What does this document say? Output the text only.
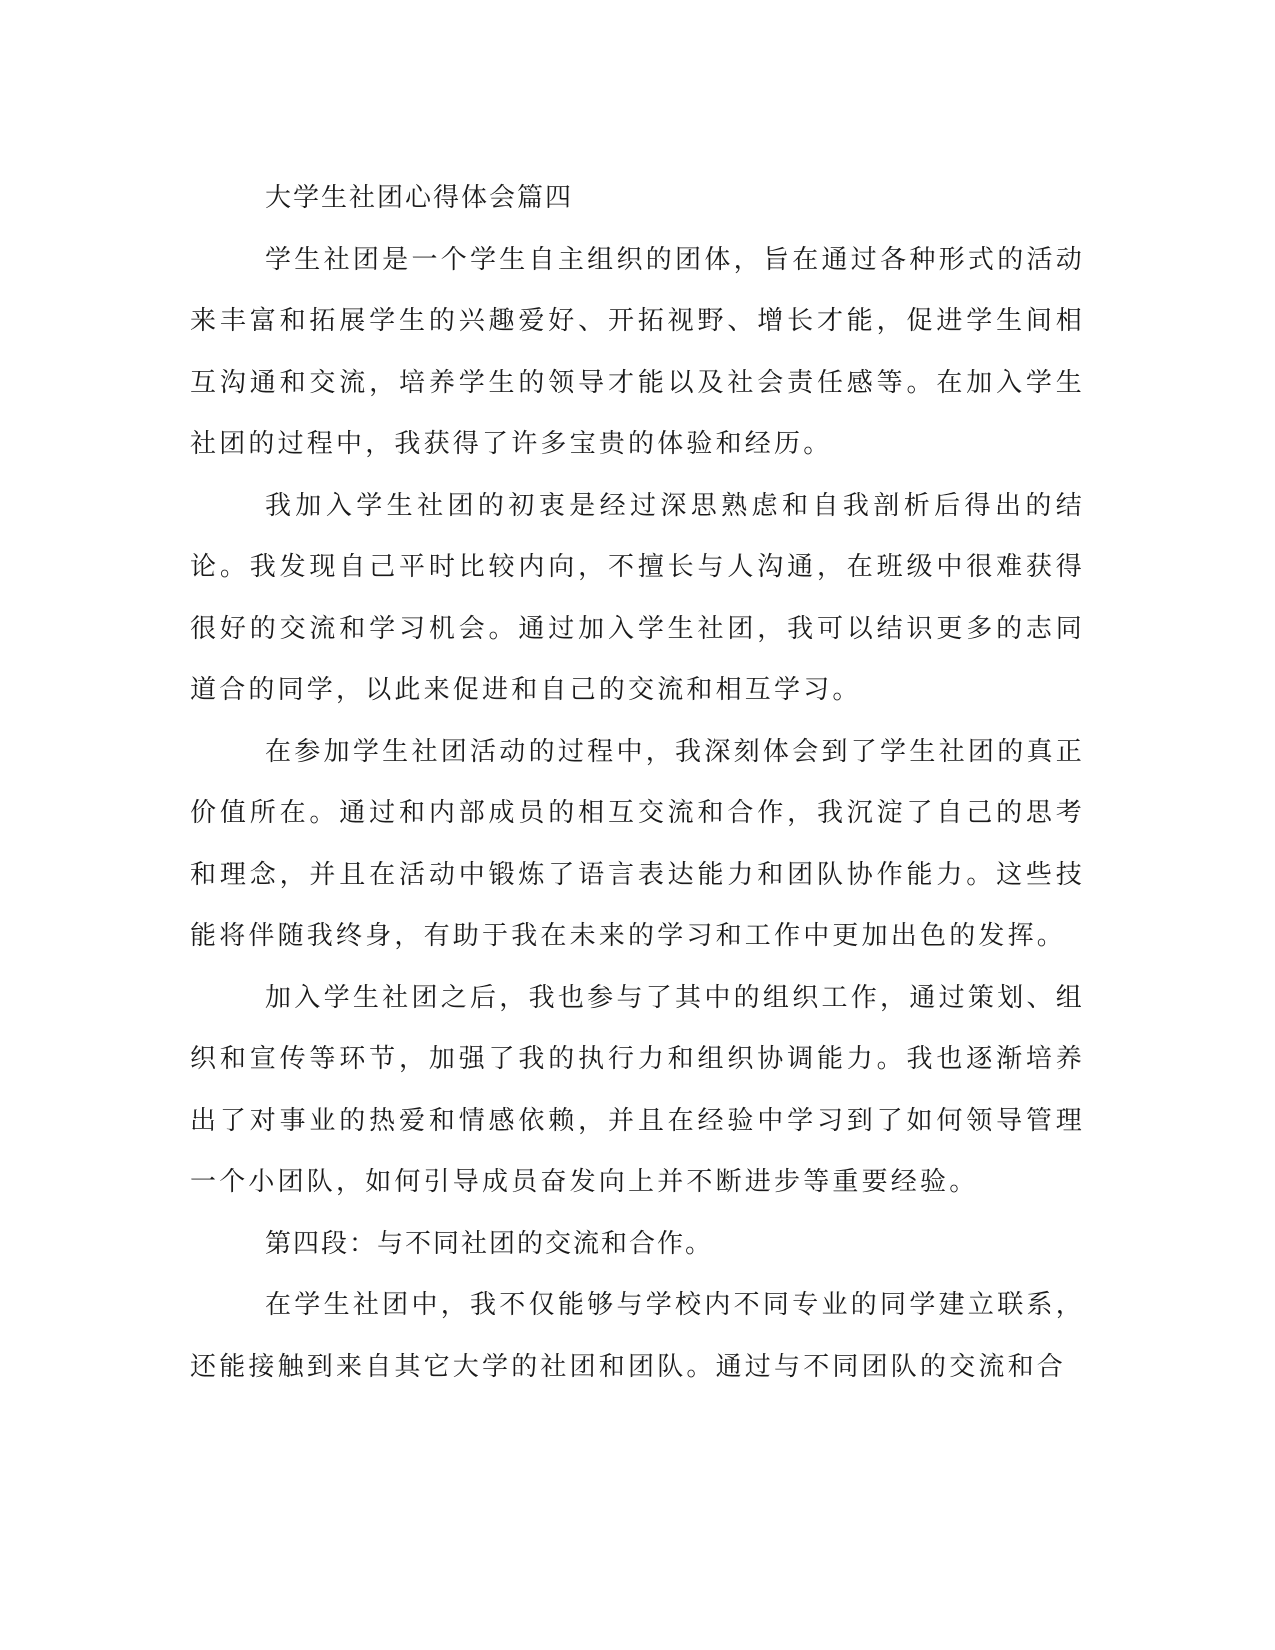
大学生社团心得体会篇四

学生社团是一个学生自主组织的团体，旨在通过各种形式的活动来丰富和拓展学生的兴趣爱好、开拓视野、增长才能，促进学生间相互沟通和交流，培养学生的领导才能以及社会责任感等。在加入学生社团的过程中，我获得了许多宝贵的体验和经历。

我加入学生社团的初衷是经过深思熟虑和自我剖析后得出的结论。我发现自己平时比较内向，不擅长与人沟通，在班级中很难获得很好的交流和学习机会。通过加入学生社团，我可以结识更多的志同道合的同学，以此来促进和自己的交流和相互学习。

在参加学生社团活动的过程中，我深刻体会到了学生社团的真正价值所在。通过和内部成员的相互交流和合作，我沉淀了自己的思考和理念，并且在活动中锻炼了语言表达能力和团队协作能力。这些技能将伴随我终身，有助于我在未来的学习和工作中更加出色的发挥。

加入学生社团之后，我也参与了其中的组织工作，通过策划、组织和宣传等环节，加强了我的执行力和组织协调能力。我也逐渐培养出了对事业的热爱和情感依赖，并且在经验中学习到了如何领导管理一个小团队，如何引导成员奋发向上并不断进步等重要经验。

第四段：与不同社团的交流和合作。

在学生社团中，我不仅能够与学校内不同专业的同学建立联系，还能接触到来自其它大学的社团和团队。通过与不同团队的交流和合
